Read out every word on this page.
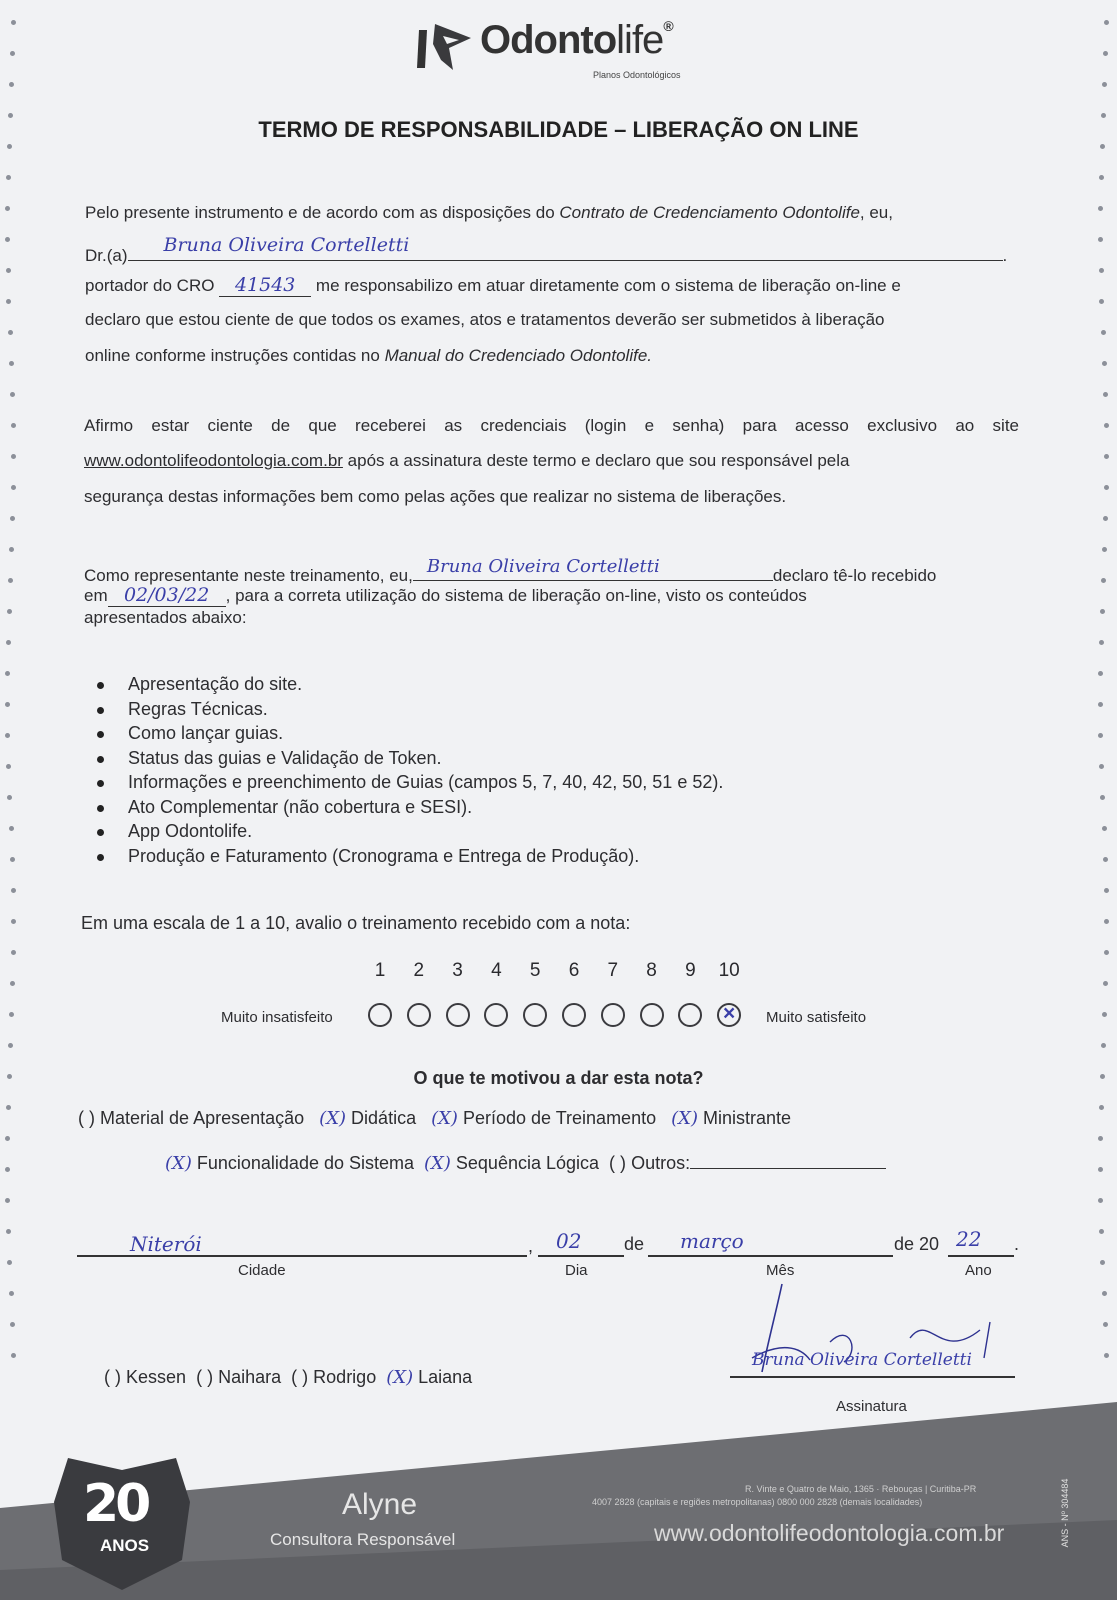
Odontolife®
Planos Odontológicos
TERMO DE RESPONSABILIDADE – LIBERAÇÃO ON LINE
Pelo presente instrumento e de acordo com as disposições do Contrato de Credenciamento Odontolife, eu,
Dr.(a) Bruna Oliveira Cortelletti	.
portador do CRO 41543 me responsabilizo em atuar diretamente com o sistema de liberação on-line e
declaro que estou ciente de que todos os exames, atos e tratamentos deverão ser submetidos à liberação
online conforme instruções contidas no Manual do Credenciado Odontolife.
Afirmo estar ciente de que receberei as credenciais (login e senha) para acesso exclusivo ao site
www.odontolifeodontologia.com.br após a assinatura deste termo e declaro que sou responsável pela
segurança destas informações bem como pelas ações que realizar no sistema de liberações.
Como representante neste treinamento, eu, Bruna Oliveira Cortelletti	declaro tê-lo recebido
em 02/03/22 , para a correta utilização do sistema de liberação on-line, visto os conteúdos
apresentados abaixo:
Apresentação do site.
Regras Técnicas.
Como lançar guias.
Status das guias e Validação de Token.
Informações e preenchimento de Guias (campos 5, 7, 40, 42, 50, 51 e 52).
Ato Complementar (não cobertura e SESI).
App Odontolife.
Produção e Faturamento (Cronograma e Entrega de Produção).
Em uma escala de 1 a 10, avalio o treinamento recebido com a nota:
1	2	3	4	5	6	7	8	9	10
×
Muito insatisfeito	Muito satisfeito
O que te motivou a dar esta nota?
( ) Material de Apresentação (X) Didática (X) Período de Treinamento (X) Ministrante
(X) Funcionalidade do Sistema (X) Sequência Lógica ( ) Outros:
Niterói
Cidade
, 02
Dia
de março
Mês
de 20 22 .
Ano
( ) Kessen ( ) Naihara ( ) Rodrigo (X) Laiana
Bruna Oliveira Cortelletti
Assinatura
20
ANOS
Alyne
Consultora Responsável
R. Vinte e Quatro de Maio, 1365 · Rebouças | Curitiba-PR
4007 2828 (capitais e regiões metropolitanas) 0800 000 2828 (demais localidades)
www.odontolifeodontologia.com.br	ANS - Nº 304484
